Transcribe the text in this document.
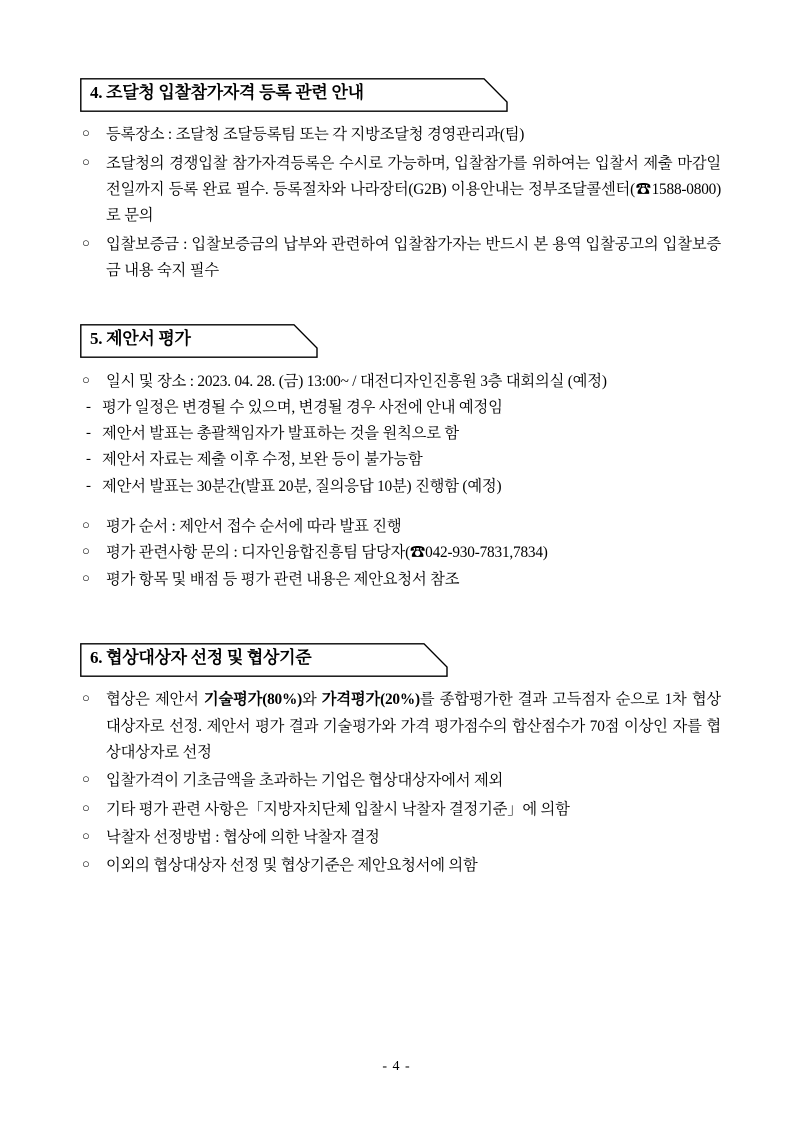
4. 조달청 입찰참가자격 등록 관련 안내
○ 등록장소 : 조달청 조달등록팀 또는 각 지방조달청 경영관리과(팀)
○ 조달청의 경쟁입찰 참가자격등록은 수시로 가능하며, 입찰참가를 위하여는 입찰서 제출 마감일 전일까지 등록 완료 필수. 등록절차와 나라장터(G2B) 이용안내는 정부조달콜센터(☎1588-0800)로 문의
○ 입찰보증금 : 입찰보증금의 납부와 관련하여 입찰참가자는 반드시 본 용역 입찰공고의 입찰보증금 내용 숙지 필수
5. 제안서 평가
○ 일시 및 장소 : 2023. 04. 28. (금) 13:00~ / 대전디자인진흥원 3층 대회의실 (예정)
- 평가 일정은 변경될 수 있으며, 변경될 경우 사전에 안내 예정임
- 제안서 발표는 총괄책임자가 발표하는 것을 원칙으로 함
- 제안서 자료는 제출 이후 수정, 보완 등이 불가능함
- 제안서 발표는 30분간(발표 20분, 질의응답 10분) 진행함 (예정)
○ 평가 순서 : 제안서 접수 순서에 따라 발표 진행
○ 평가 관련사항 문의 : 디자인융합진흥팀 담당자(☎042-930-7831,7834)
○ 평가 항목 및 배점 등 평가 관련 내용은 제안요청서 참조
6. 협상대상자 선정 및 협상기준
○ 협상은 제안서 기술평가(80%)와 가격평가(20%)를 종합평가한 결과 고득점자 순으로 1차 협상대상자로 선정. 제안서 평가 결과 기술평가와 가격 평가점수의 합산점수가 70점 이상인 자를 협상대상자로 선정
○ 입찰가격이 기초금액을 초과하는 기업은 협상대상자에서 제외
○ 기타 평가 관련 사항은「지방자치단체 입찰시 낙찰자 결정기준」에 의함
○ 낙찰자 선정방법 : 협상에 의한 낙찰자 결정
○ 이외의 협상대상자 선정 및 협상기준은 제안요청서에 의함
- 4 -
